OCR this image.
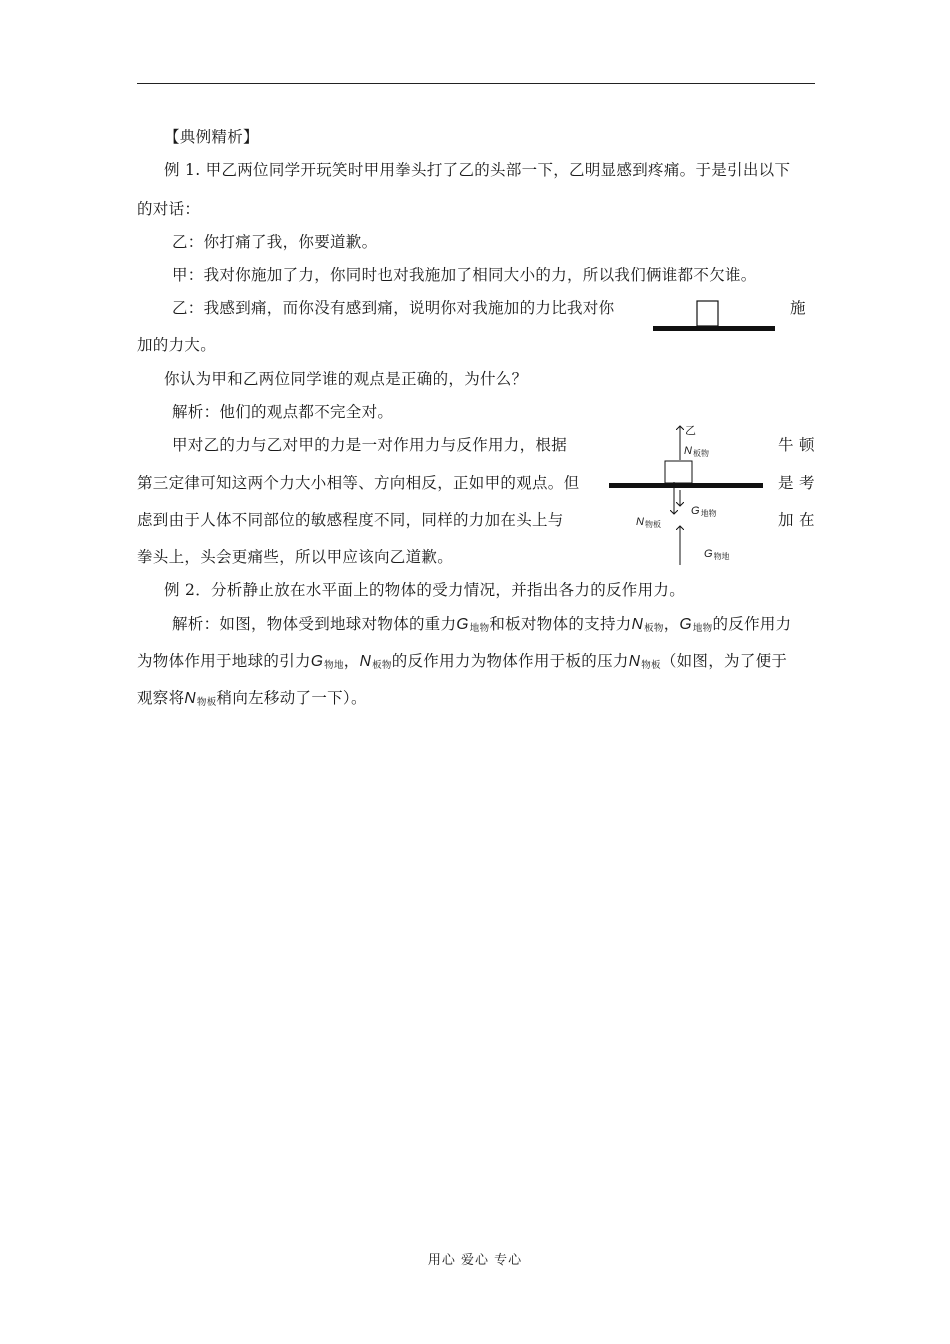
【典例精析】
例 1. 甲乙两位同学开玩笑时甲用拳头打了乙的头部一下，乙明显感到疼痛。于是引出以下
的对话：
乙：你打痛了我，你要道歉。
甲：我对你施加了力，你同时也对我施加了相同大小的力，所以我们俩谁都不欠谁。
乙：我感到痛，而你没有感到痛，说明你对我施加的力比我对你	施
加的力大。
你认为甲和乙两位同学谁的观点是正确的，为什么？
解析：他们的观点都不完全对。
甲对乙的力与乙对甲的力是一对作用力与反作用力，根据	牛 顿
第三定律可知这两个力大小相等、方向相反，正如甲的观点。但	是 考
虑到由于人体不同部位的敏感程度不同，同样的力加在头上与	加 在
拳头上，头会更痛些，所以甲应该向乙道歉。
乙
N板物
G地物
N物板
G物地
例 2．分析静止放在水平面上的物体的受力情况，并指出各力的反作用力。
解析：如图，物体受到地球对物体的重力$G_{地物}$和板对物体的支持力$N_{板物}$，$G_{地物}$的反作用力
为物体作用于地球的引力$G_{物地}$，$N_{板物}$的反作用力为物体作用于板的压力$N_{物板}$（如图，为了便于
观察将$N_{物板}$稍向左移动了一下）。
用心 爱心 专心
